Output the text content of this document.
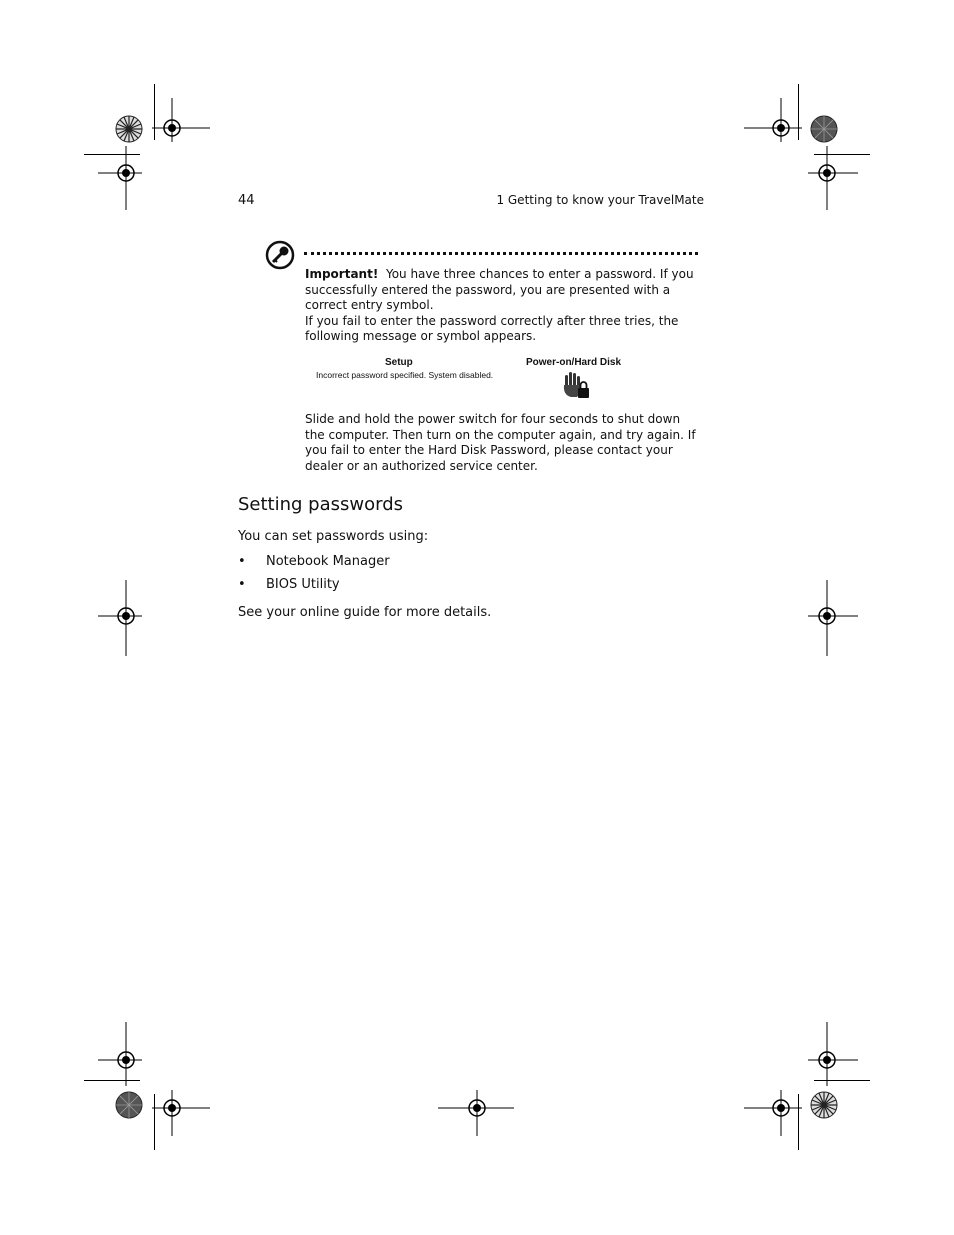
44	1 Getting to know your TravelMate

Important! You have three chances to enter a password. If you successfully entered the password, you are presented with a correct entry symbol.

If you fail to enter the password correctly after three tries, the following message or symbol appears.

Setup
Incorrect password specified. System disabled.
Power-on/Hard Disk

Slide and hold the power switch for four seconds to shut down the computer. Then turn on the computer again, and try again. If you fail to enter the Hard Disk Password, please contact your dealer or an authorized service center.

Setting passwords

You can set passwords using:

• Notebook Manager
• BIOS Utility

See your online guide for more details.
